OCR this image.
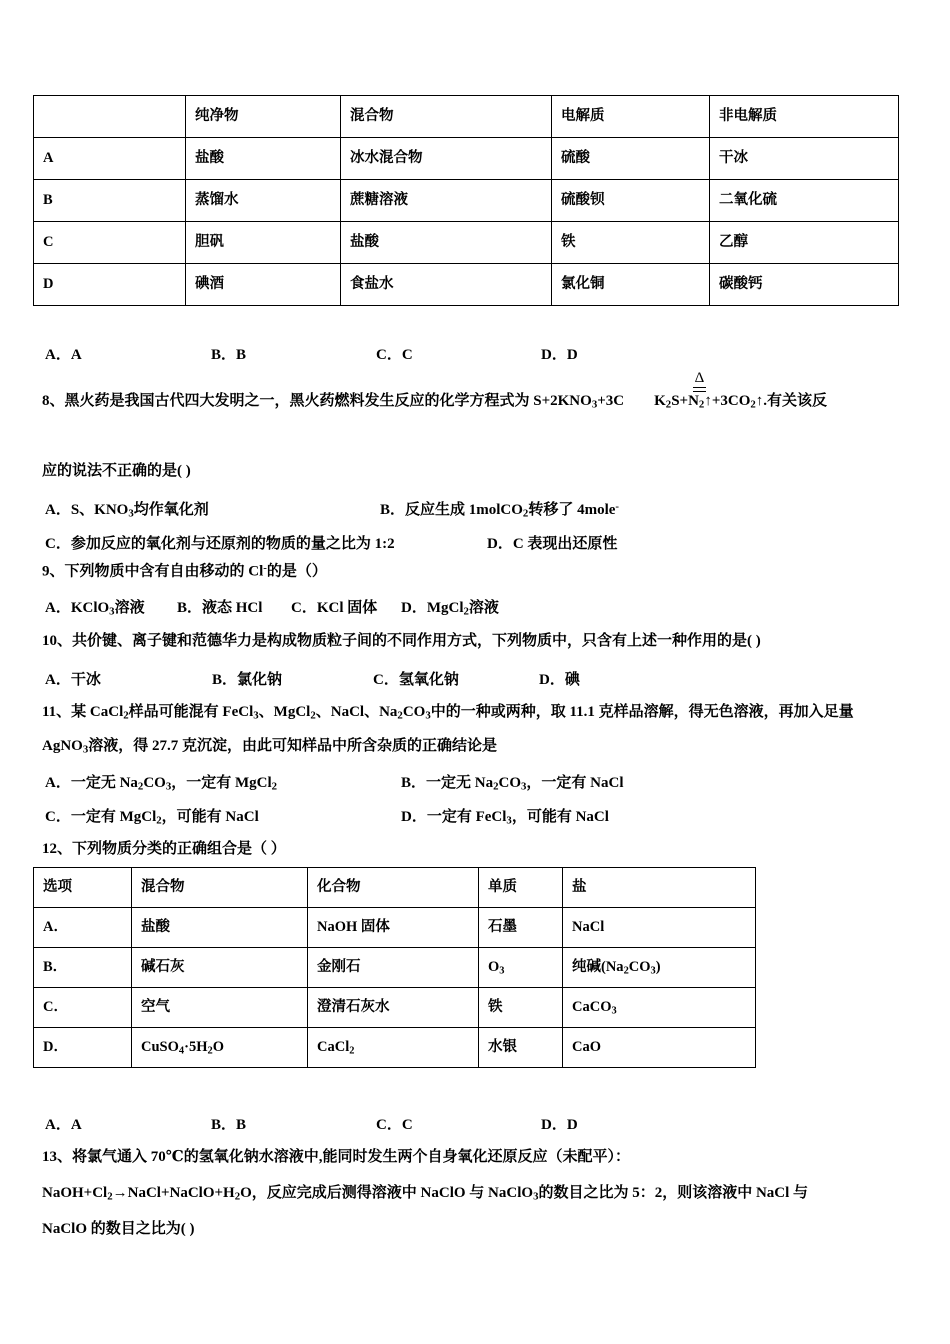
	纯净物	混合物	电解质	非电解质
A	盐酸	冰水混合物	硫酸	干冰
B	蒸馏水	蔗糖溶液	硫酸钡	二氧化硫
C	胆矾	盐酸	铁	乙醇
D	碘酒	食盐水	氯化铜	碳酸钙
A．A	B．B	C．C	D．D
Δ
8、黑火药是我国古代四大发明之一，黑火药燃料发生反应的化学方程式为 $S+2KNO_3+3C$ $K_2S+N_2↑+3CO_2↑$.有关该反
应的说法不正确的是( )
A．S、$KNO_3$均作氧化剂	B．反应生成 1molCO$_2$转移了 4mole-
C．参加反应的氧化剂与还原剂的物质的量之比为 1:2	D．C 表现出还原性
9、下列物质中含有自由移动的 Cl-的是（）
A．KClO$_3$溶液 B．液态 HCl C．KCl 固体 D．MgCl$_2$溶液
10、共价键、离子键和范德华力是构成物质粒子间的不同作用方式，下列物质中，只含有上述一种作用的是( )
A．干冰	B．氯化钠	C．氢氧化钠	D．碘
11、某 CaCl$_2$样品可能混有 FeCl$_3$、MgCl$_2$、NaCl、$Na_2CO_3$中的一种或两种，取 11.1 克样品溶解，得无色溶液，再加入足量
AgNO$_3$溶液，得 27.7 克沉淀，由此可知样品中所含杂质的正确结论是
A．一定无 $Na_2CO_3$，一定有 MgCl$_2$	B．一定无 $Na_2CO_3$，一定有 NaCl
C．一定有 MgCl$_2$，可能有 NaCl	D．一定有 FeCl$_3$，可能有 NaCl
12、下列物质分类的正确组合是（ ）
选项	混合物	化合物	单质	盐
A．	盐酸	NaOH 固体	石墨	NaCl
B．	碱石灰	金刚石	$O_3$	纯碱$(Na_2CO_3)$
C．	空气	澄清石灰水	铁	CaCO$_3$
D．	$CuSO_4\cdot 5H_2O$	CaCl$_2$	水银	CaO
A．A	B．B	C．C	D．D
13、将氯气通入 70℃的氢氧化钠水溶液中,能同时发生两个自身氧化还原反应（未配平）：
$NaOH+Cl_2\to NaCl+NaClO+H_2O$，反应完成后测得溶液中 NaClO 与 NaClO$_3$的数目之比为 5：2，则该溶液中 NaCl 与
NaClO 的数目之比为( )
